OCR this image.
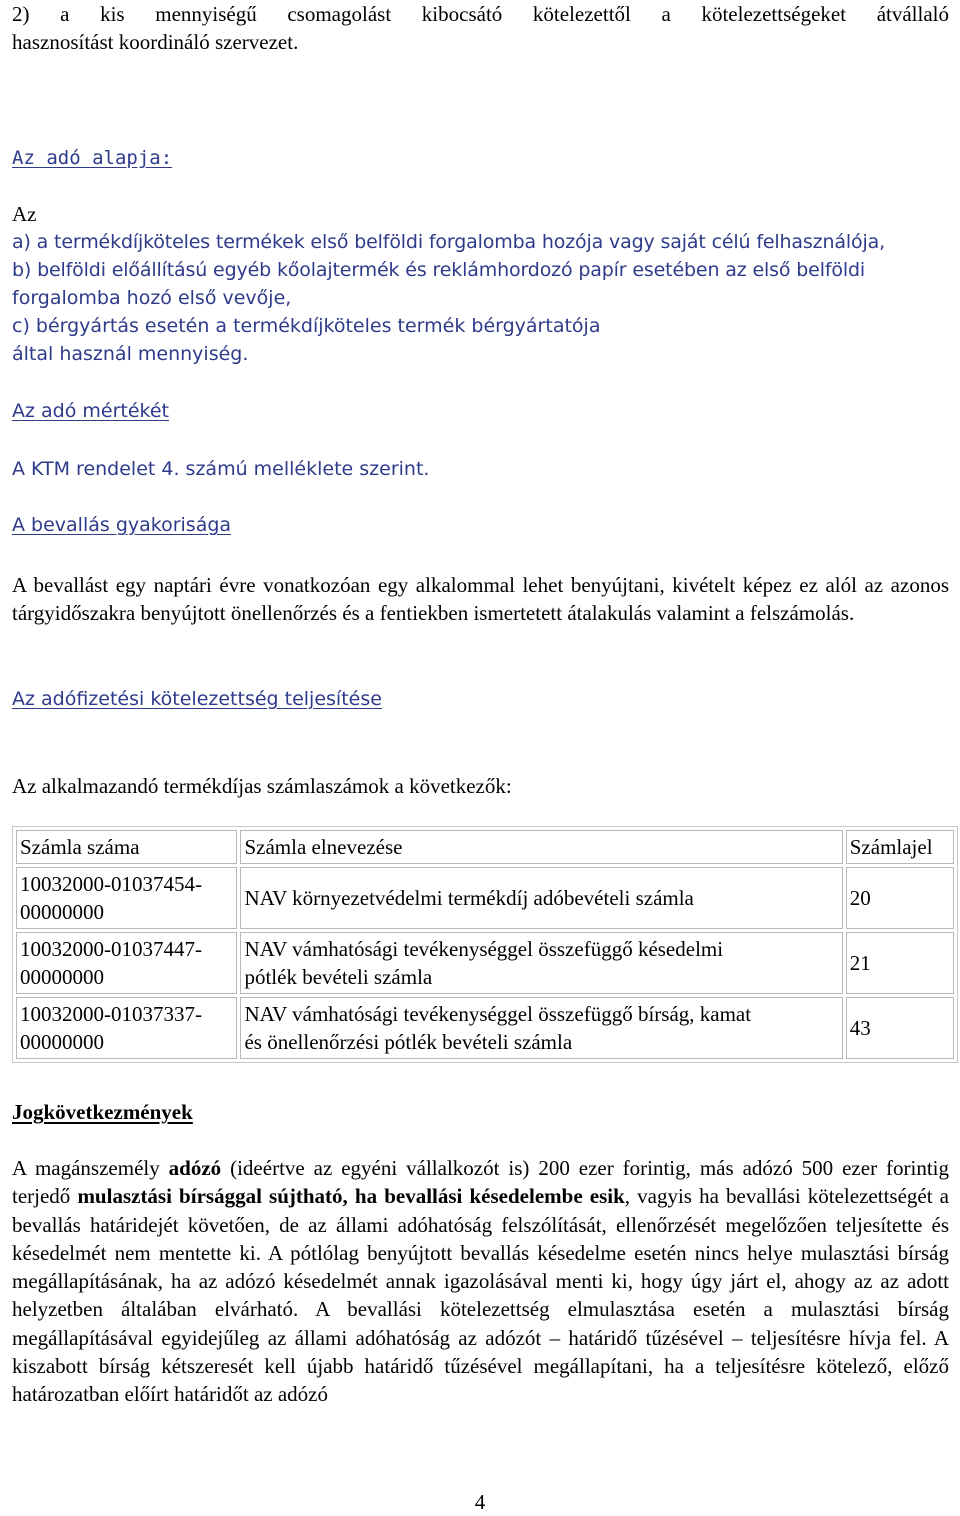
2) a kis mennyiségű csomagolást kibocsátó kötelezettől a kötelezettségeket átvállaló

hasznosítást koordináló szervezet.

Az adó alapja:

Az
a) a termékdíjköteles termékek első belföldi forgalomba hozója vagy saját célú felhasználója,
b) belföldi előállítású egyéb kőolajtermék és reklámhordozó papír esetében az első belföldi
forgalomba hozó első vevője,
c) bérgyártás esetén a termékdíjköteles termék bérgyártatója
által használ mennyiség.

Az adó mértékét

A KTM rendelet 4. számú melléklete szerint.

A bevallás gyakorisága

A bevallást egy naptári évre vonatkozóan egy alkalommal lehet benyújtani, kivételt képez ez alól az azonos tárgyidőszakra benyújtott önellenőrzés és a fentiekben ismertetett átalakulás valamint a felszámolás.

Az adófizetési kötelezettség teljesítése

Az alkalmazandó termékdíjas számlaszámok a következők:

Számla száma	Számla elnevezése	Számlajel

10032000-01037454-
00000000	NAV környezetvédelmi termékdíj adóbevételi számla	20

10032000-01037447-
00000000	NAV vámhatósági tevékenységgel összefüggő késedelmi
pótlék bevételi számla	21

10032000-01037337-
00000000	NAV vámhatósági tevékenységgel összefüggő bírság, kamat
és önellenőrzési pótlék bevételi számla	43

Jogkövetkezmények

A magánszemély adózó (ideértve az egyéni vállalkozót is) 200 ezer forintig, más adózó 500 ezer forintig terjedő mulasztási bírsággal sújtható, ha bevallási késedelembe esik, vagyis ha bevallási kötelezettségét a bevallás határidejét követően, de az állami adóhatóság felszólítását, ellenőrzését megelőzően teljesítette és késedelmét nem mentette ki. A pótlólag benyújtott bevallás késedelme esetén nincs helye mulasztási bírság megállapításának, ha az adózó késedelmét annak igazolásával menti ki, hogy úgy járt el, ahogy az az adott helyzetben általában elvárható. A bevallási kötelezettség elmulasztása esetén a mulasztási bírság megállapításával egyidejűleg az állami adóhatóság az adózót – határidő tűzésével – teljesítésre hívja fel. A kiszabott bírság kétszeresét kell újabb határidő tűzésével megállapítani, ha a teljesítésre kötelező, előző határozatban előírt határidőt az adózó

4
